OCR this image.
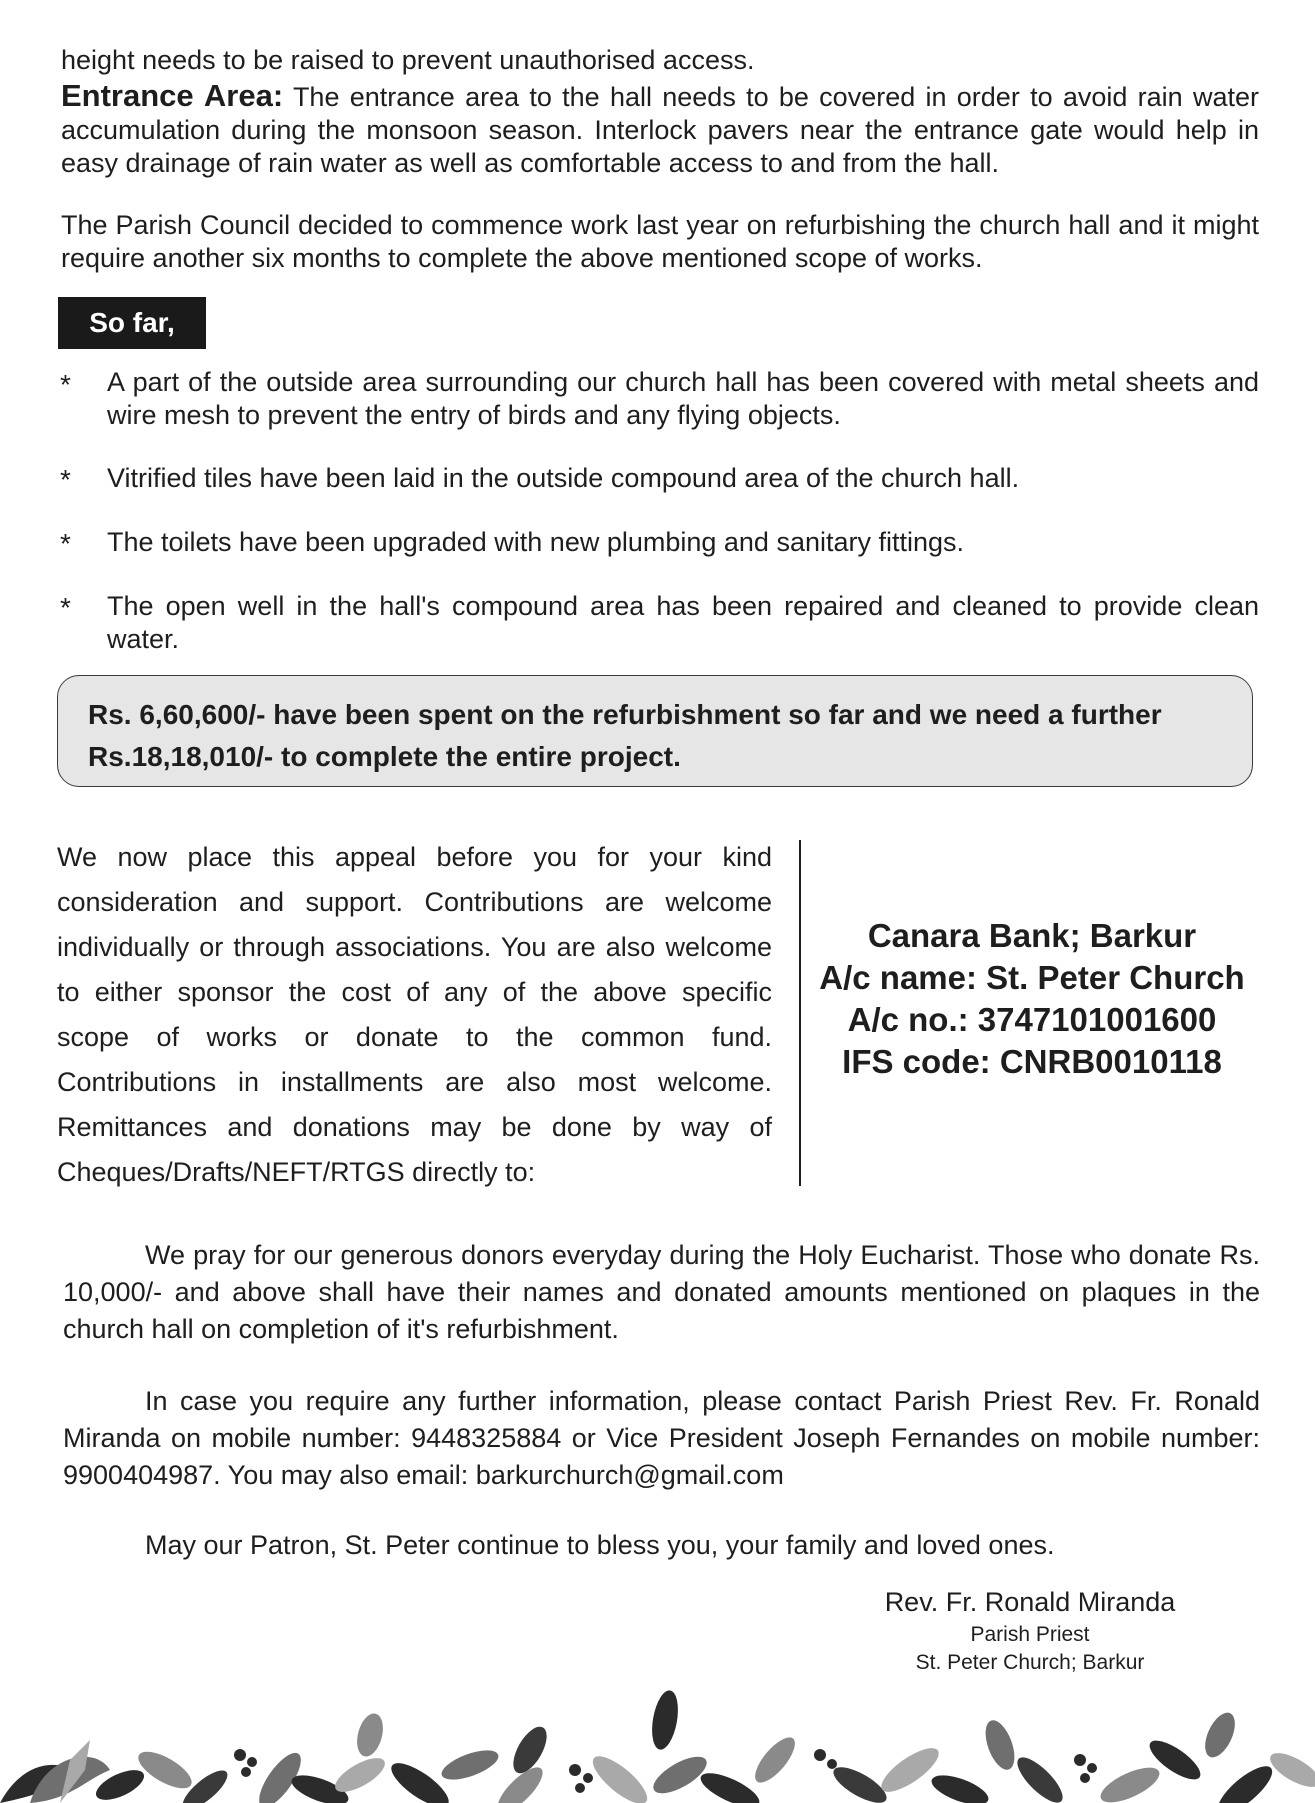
height needs to be raised to prevent unauthorised access.
Entrance Area: The entrance area to the hall needs to be covered in order to avoid rain water accumulation during the monsoon season. Interlock pavers near the entrance gate would help in easy drainage of rain water as well as comfortable access to and from the hall.
The Parish Council decided to commence work last year on refurbishing the church hall and it might require another six months to complete the above mentioned scope of works.
So far,
* A part of the outside area surrounding our church hall has been covered with metal sheets and wire mesh to prevent the entry of birds and any flying objects.
* Vitrified tiles have been laid in the outside compound area of the church hall.
* The toilets have been upgraded with new plumbing and sanitary fittings.
* The open well in the hall's compound area has been repaired and cleaned to provide clean water.
Rs. 6,60,600/- have been spent on the refurbishment so far and we need a further
Rs.18,18,010/- to complete the entire project.
We now place this appeal before you for your kind consideration and support. Contributions are welcome individually or through associations. You are also welcome to either sponsor the cost of any of the above specific scope of works or donate to the common fund. Contributions in installments are also most welcome. Remittances and donations may be done by way of Cheques/Drafts/NEFT/RTGS directly to:
Canara Bank; Barkur
A/c name: St. Peter Church
A/c no.: 3747101001600
IFS code: CNRB0010118
We pray for our generous donors everyday during the Holy Eucharist. Those who donate Rs. 10,000/- and above shall have their names and donated amounts mentioned on plaques in the church hall on completion of it's refurbishment.
In case you require any further information, please contact Parish Priest Rev. Fr. Ronald Miranda on mobile number: 9448325884 or Vice President Joseph Fernandes on mobile number: 9900404987. You may also email: barkurchurch@gmail.com
May our Patron, St. Peter continue to bless you, your family and loved ones.
Rev. Fr. Ronald Miranda
Parish Priest
St. Peter Church; Barkur
